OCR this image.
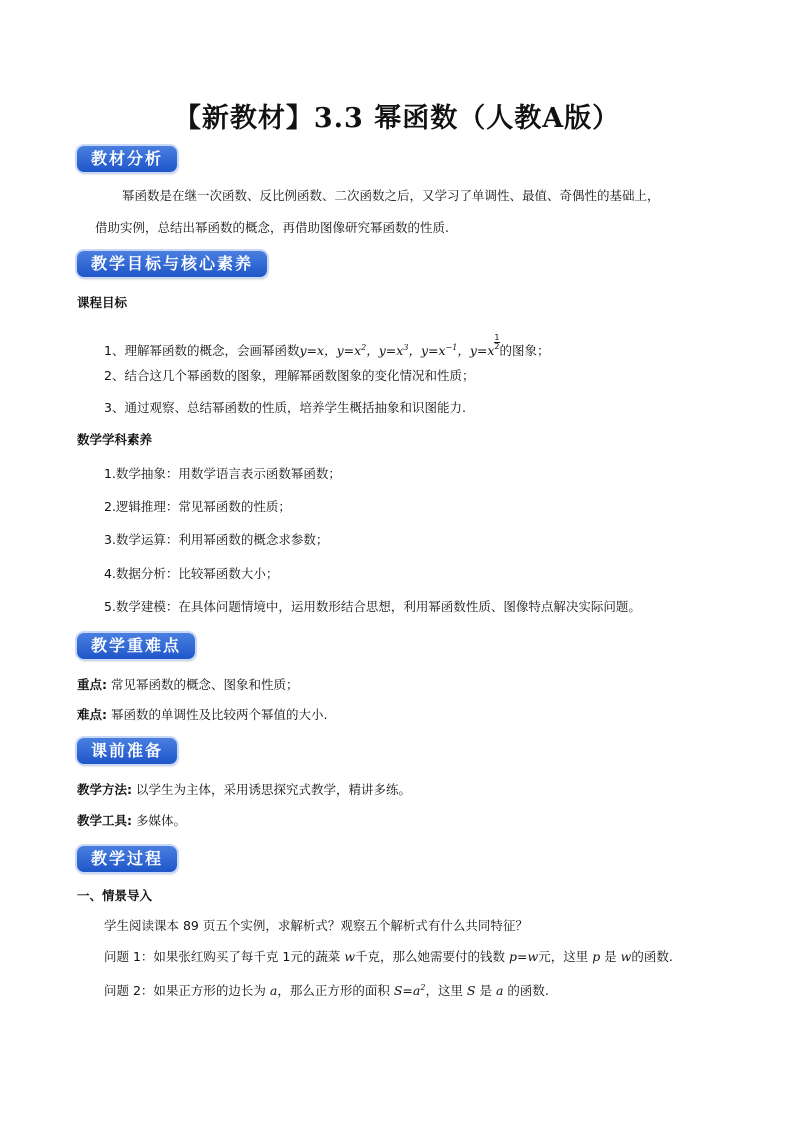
【新教材】3.3 幂函数（人教A版）
教材分析
幂函数是在继一次函数、反比例函数、二次函数之后，又学习了单调性、最值、奇偶性的基础上，
借助实例，总结出幂函数的概念，再借助图像研究幂函数的性质.
教学目标与核心素养
课程目标
1、理解幂函数的概念，会画幂函数y=x，$y=x^2$，$y=x^3$，$y=x^{-1}$，$y=x \frac{1}{2}$ 的图象；
2、结合这几个幂函数的图象，理解幂函数图象的变化情况和性质；
3、通过观察、总结幂函数的性质，培养学生概括抽象和识图能力.
数学学科素养
1.数学抽象：用数学语言表示函数幂函数；
2.逻辑推理：常见幂函数的性质；
3.数学运算：利用幂函数的概念求参数；
4.数据分析：比较幂函数大小；
5.数学建模：在具体问题情境中，运用数形结合思想，利用幂函数性质、图像特点解决实际问题。
教学重难点
重点: 常见幂函数的概念、图象和性质；
难点: 幂函数的单调性及比较两个幂值的大小.
课前准备
教学方法: 以学生为主体，采用诱思探究式教学，精讲多练。
教学工具: 多媒体。
教学过程
一、情景导入
学生阅读课本 89 页五个实例，求解析式？观察五个解析式有什么共同特征？
问题 1：如果张红购买了每千克 1元的蔬菜 w千克，那么她需要付的钱数 p=w元，这里 p 是 w的函数.
问题 2：如果正方形的边长为 a，那么正方形的面积 $S=a^2$，这里 S 是 a 的函数.
